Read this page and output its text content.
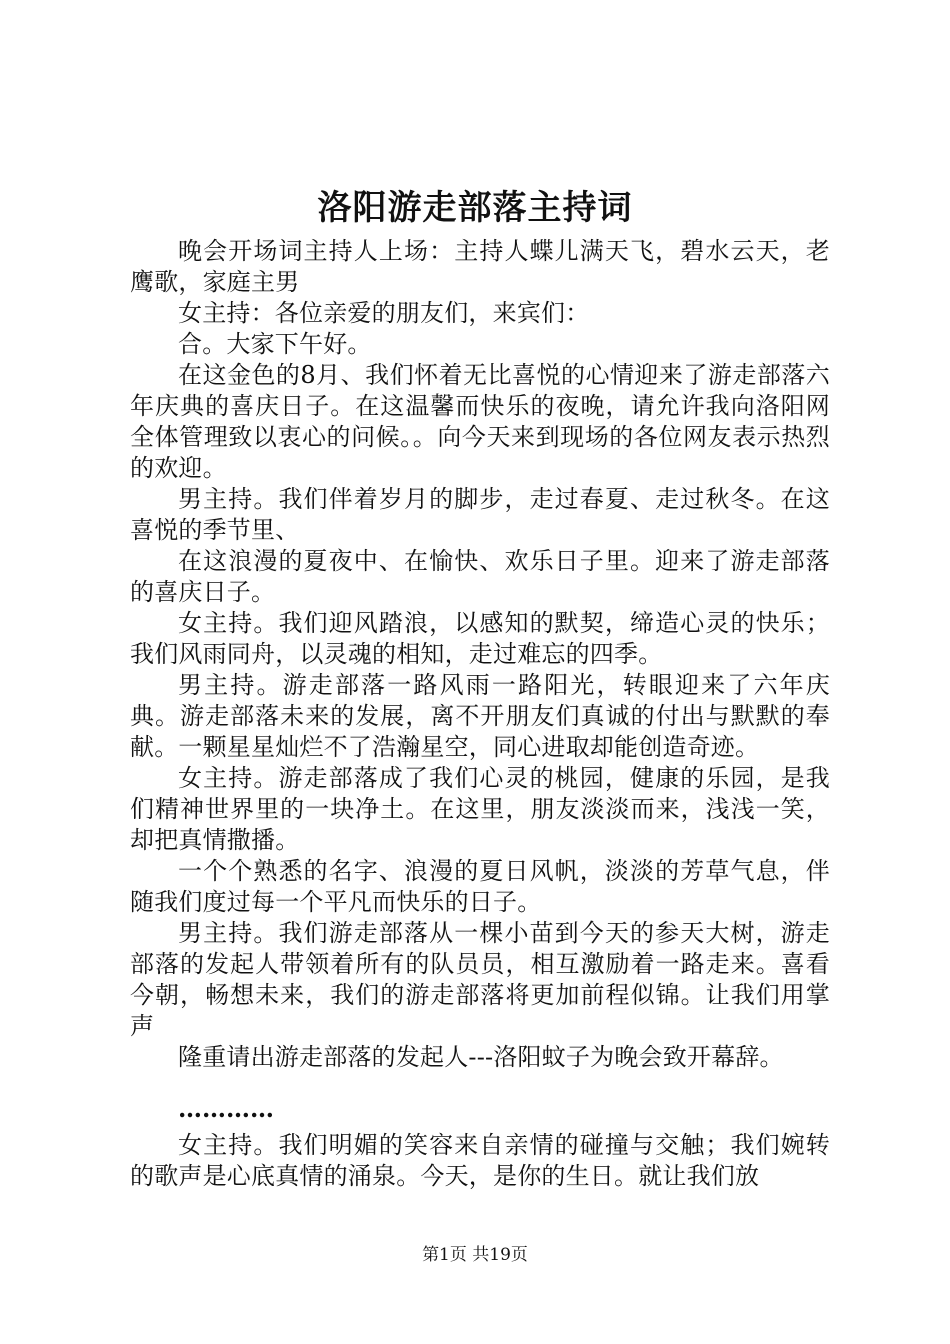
洛阳游走部落主持词

晚会开场词主持人上场：主持人蝶儿满天飞，碧水云天，老鹰歌，家庭主男

女主持：各位亲爱的朋友们，来宾们：

合。大家下午好。

在这金色的8月、我们怀着无比喜悦的心情迎来了游走部落六年庆典的喜庆日子。在这温馨而快乐的夜晚，请允许我向洛阳网全体管理致以衷心的问候。。向今天来到现场的各位网友表示热烈的欢迎。

男主持。我们伴着岁月的脚步，走过春夏、走过秋冬。在这喜悦的季节里、

在这浪漫的夏夜中、在愉快、欢乐日子里。迎来了游走部落的喜庆日子。

女主持。我们迎风踏浪，以感知的默契，缔造心灵的快乐；我们风雨同舟，以灵魂的相知，走过难忘的四季。

男主持。游走部落一路风雨一路阳光，转眼迎来了六年庆典。游走部落未来的发展，离不开朋友们真诚的付出与默默的奉献。一颗星星灿烂不了浩瀚星空，同心进取却能创造奇迹。

女主持。游走部落成了我们心灵的桃园，健康的乐园，是我们精神世界里的一块净土。在这里，朋友淡淡而来，浅浅一笑，却把真情撒播。

一个个熟悉的名字、浪漫的夏日风帆，淡淡的芳草气息，伴随我们度过每一个平凡而快乐的日子。

男主持。我们游走部落从一棵小苗到今天的参天大树，游走部落的发起人带领着所有的队员员，相互激励着一路走来。喜看今朝，畅想未来，我们的游走部落将更加前程似锦。让我们用掌声

隆重请出游走部落的发起人---洛阳蚊子为晚会致开幕辞。

…………

女主持。我们明媚的笑容来自亲情的碰撞与交触；我们婉转的歌声是心底真情的涌泉。今天，是你的生日。就让我们放

第1页 共19页
